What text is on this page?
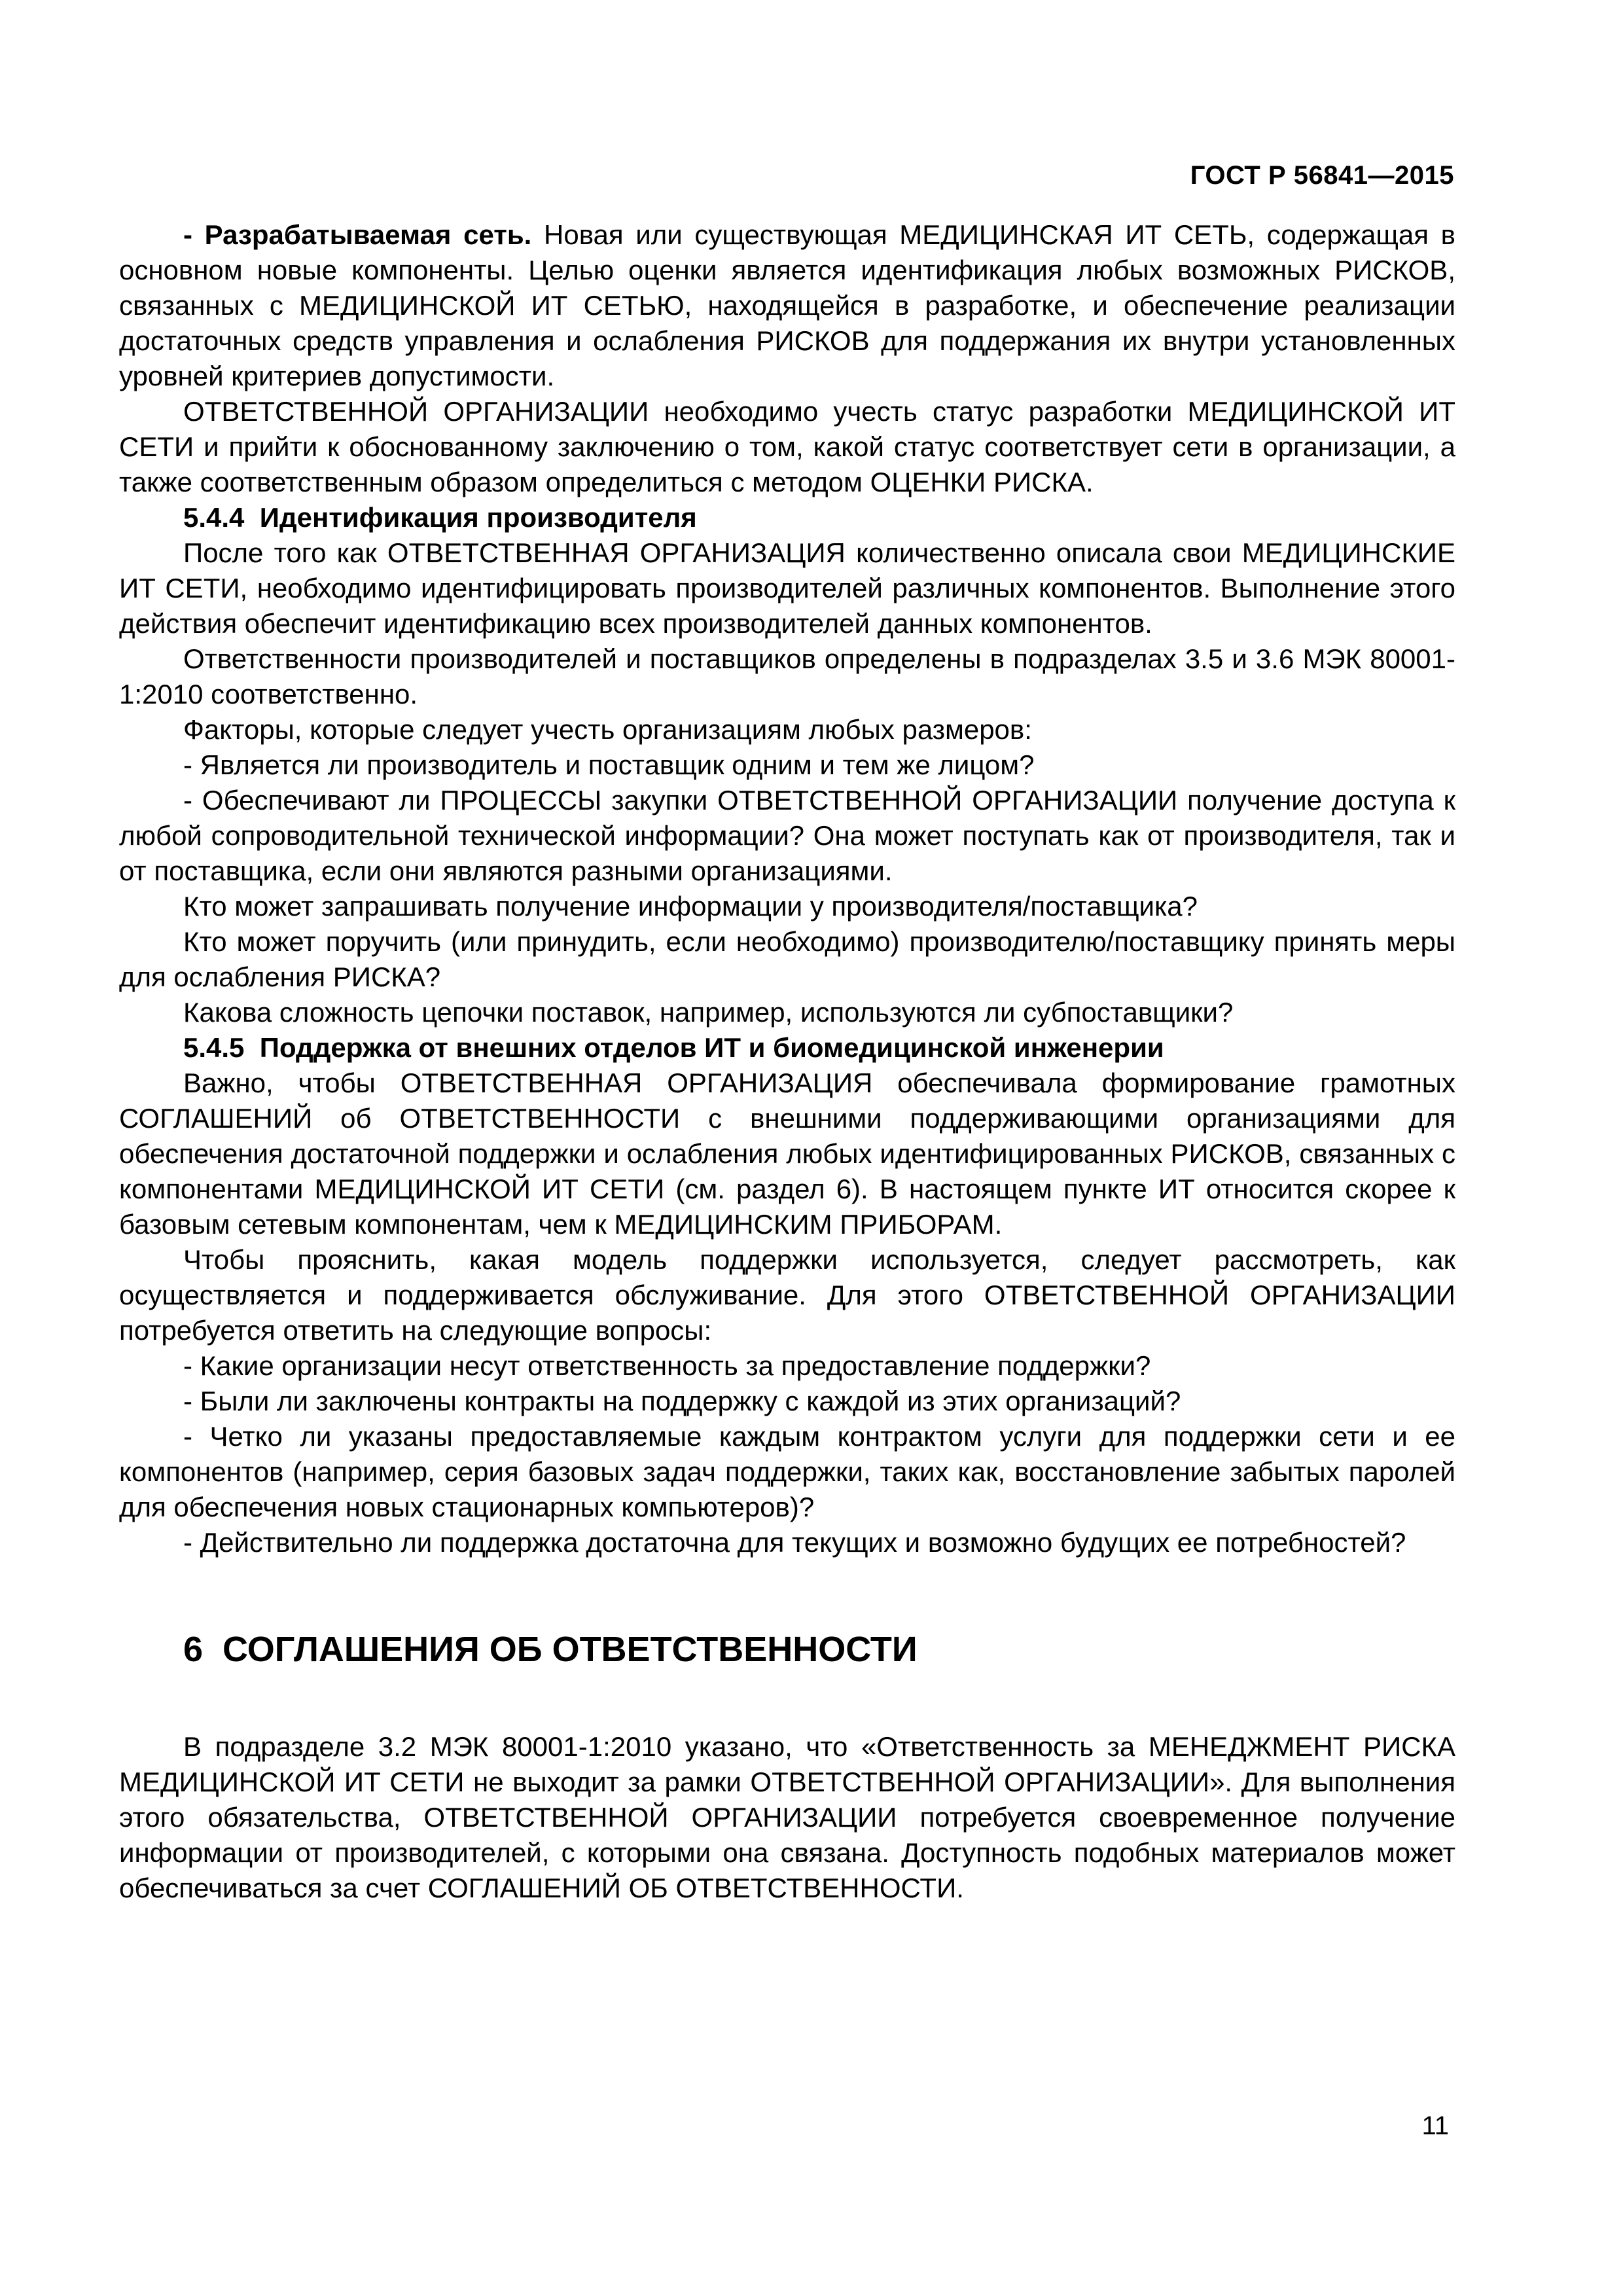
ГОСТ Р 56841—2015

- Разрабатываемая сеть. Новая или существующая МЕДИЦИНСКАЯ ИТ СЕТЬ, содержащая в основном новые компоненты. Целью оценки является идентификация любых возможных РИСКОВ, связанных с МЕДИЦИНСКОЙ ИТ СЕТЬЮ, находящейся в разработке, и обеспечение реализации достаточных средств управления и ослабления РИСКОВ для поддержания их внутри установленных уровней критериев допустимости.

ОТВЕТСТВЕННОЙ ОРГАНИЗАЦИИ необходимо учесть статус разработки МЕДИЦИНСКОЙ ИТ СЕТИ и прийти к обоснованному заключению о том, какой статус соответствует сети в организации, а также соответственным образом определиться с методом ОЦЕНКИ РИСКА.

5.4.4  Идентификация производителя

После того как ОТВЕТСТВЕННАЯ ОРГАНИЗАЦИЯ количественно описала свои МЕДИЦИНСКИЕ ИТ СЕТИ, необходимо идентифицировать производителей различных компонентов. Выполнение этого действия обеспечит идентификацию всех производителей данных компонентов.

Ответственности производителей и поставщиков определены в подразделах 3.5 и 3.6 МЭК 80001-1:2010 соответственно.

Факторы, которые следует учесть организациям любых размеров:

- Является ли производитель и поставщик одним и тем же лицом?

- Обеспечивают ли ПРОЦЕССЫ закупки ОТВЕТСТВЕННОЙ ОРГАНИЗАЦИИ получение доступа к любой сопроводительной технической информации? Она может поступать как от производителя, так и от поставщика, если они являются разными организациями.

Кто может запрашивать получение информации у производителя/поставщика?

Кто может поручить (или принудить, если необходимо) производителю/поставщику принять меры для ослабления РИСКА?

Какова сложность цепочки поставок, например, используются ли субпоставщики?

5.4.5  Поддержка от внешних отделов ИТ и биомедицинской инженерии

Важно, чтобы ОТВЕТСТВЕННАЯ ОРГАНИЗАЦИЯ обеспечивала формирование грамотных СОГЛАШЕНИЙ об ОТВЕТСТВЕННОСТИ с внешними поддерживающими организациями для обеспечения достаточной поддержки и ослабления любых идентифицированных РИСКОВ, связанных с компонентами МЕДИЦИНСКОЙ ИТ СЕТИ (см. раздел 6). В настоящем пункте ИТ относится скорее к базовым сетевым компонентам, чем к МЕДИЦИНСКИМ ПРИБОРАМ.

Чтобы прояснить, какая модель поддержки используется, следует рассмотреть, как осуществляется и поддерживается обслуживание. Для этого ОТВЕТСТВЕННОЙ ОРГАНИЗАЦИИ потребуется ответить на следующие вопросы:

- Какие организации несут ответственность за предоставление поддержки?

- Были ли заключены контракты на поддержку с каждой из этих организаций?

- Четко ли указаны предоставляемые каждым контрактом услуги для поддержки сети и ее компонентов (например, серия базовых задач поддержки, таких как, восстановление забытых паролей для обеспечения новых стационарных компьютеров)?

- Действительно ли поддержка достаточна для текущих и возможно будущих ее потребностей?

6  СОГЛАШЕНИЯ ОБ ОТВЕТСТВЕННОСТИ

В подразделе 3.2 МЭК 80001-1:2010 указано, что «Ответственность за МЕНЕДЖМЕНТ РИСКА МЕДИЦИНСКОЙ ИТ СЕТИ не выходит за рамки ОТВЕТСТВЕННОЙ ОРГАНИЗАЦИИ». Для выполнения этого обязательства, ОТВЕТСТВЕННОЙ ОРГАНИЗАЦИИ потребуется своевременное получение информации от производителей, с которыми она связана. Доступность подобных материалов может обеспечиваться за счет СОГЛАШЕНИЙ ОБ ОТВЕТСТВЕННОСТИ.

11
